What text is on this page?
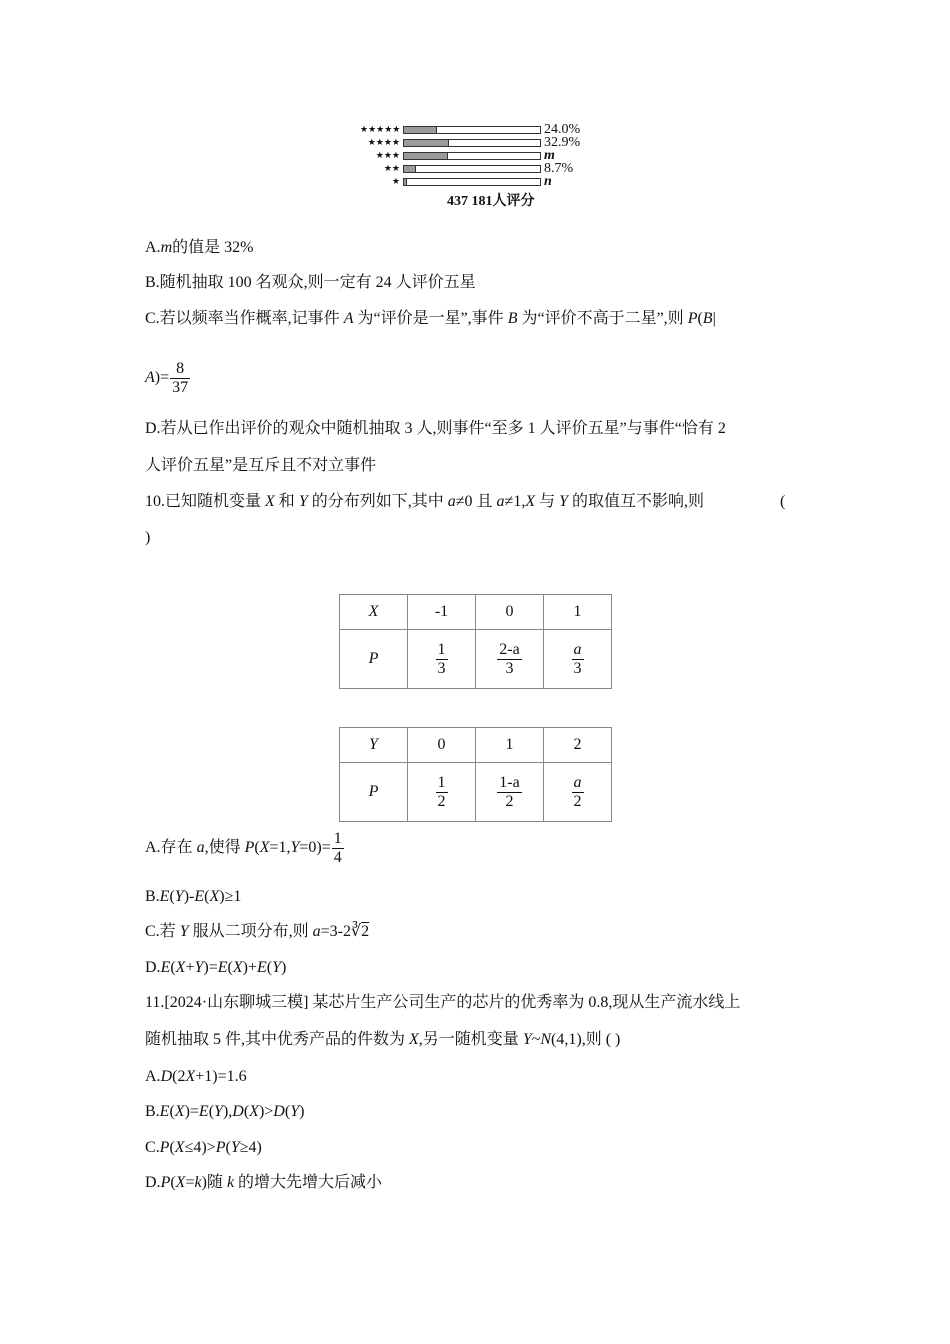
★★★★★	24.0%
★★★★	32.9%
★★★	m
★★	8.7%
★	n
437 181人评分
A.m的值是 32%
B.随机抽取 100 名观众,则一定有 24 人评价五星
C.若以频率当作概率,记事件 A 为“评价是一星”,事件 B 为“评价不高于二星”,则 P(B|
$A)= \frac{8}{37}$
D.若从已作出评价的观众中随机抽取 3 人,则事件“至多 1 人评价五星”与事件“恰有 2
人评价五星”是互斥且不对立事件
10.已知随机变量 X 和 Y 的分布列如下,其中 a≠0 且 a≠1,X 与 Y 的取值互不影响,则	(
)
X	-1	0	1
P	$\frac{1}{3}$	$\frac{2-a}{3}$	$\frac{a}{3}$
Y	0	1	2
P	$\frac{1}{2}$	$\frac{1-a}{2}$	$\frac{a}{2}$
A.存在 a,使得 $P(X=1,Y=0)= \frac{1}{4}$
B.E(Y)-E(X)≥1
C.若 Y 服从二项分布,则 a=3-2∛2
D.E(X+Y)=E(X)+E(Y)
11.[2024·山东聊城三模] 某芯片生产公司生产的芯片的优秀率为 0.8,现从生产流水线上
随机抽取 5 件,其中优秀产品的件数为 X,另一随机变量 Y~N(4,1),则 ( )
A.D(2X+1)=1.6
B.E(X)=E(Y),D(X)>D(Y)
C.P(X≤4)>P(Y≥4)
D.P(X=k)随 k 的增大先增大后减小
